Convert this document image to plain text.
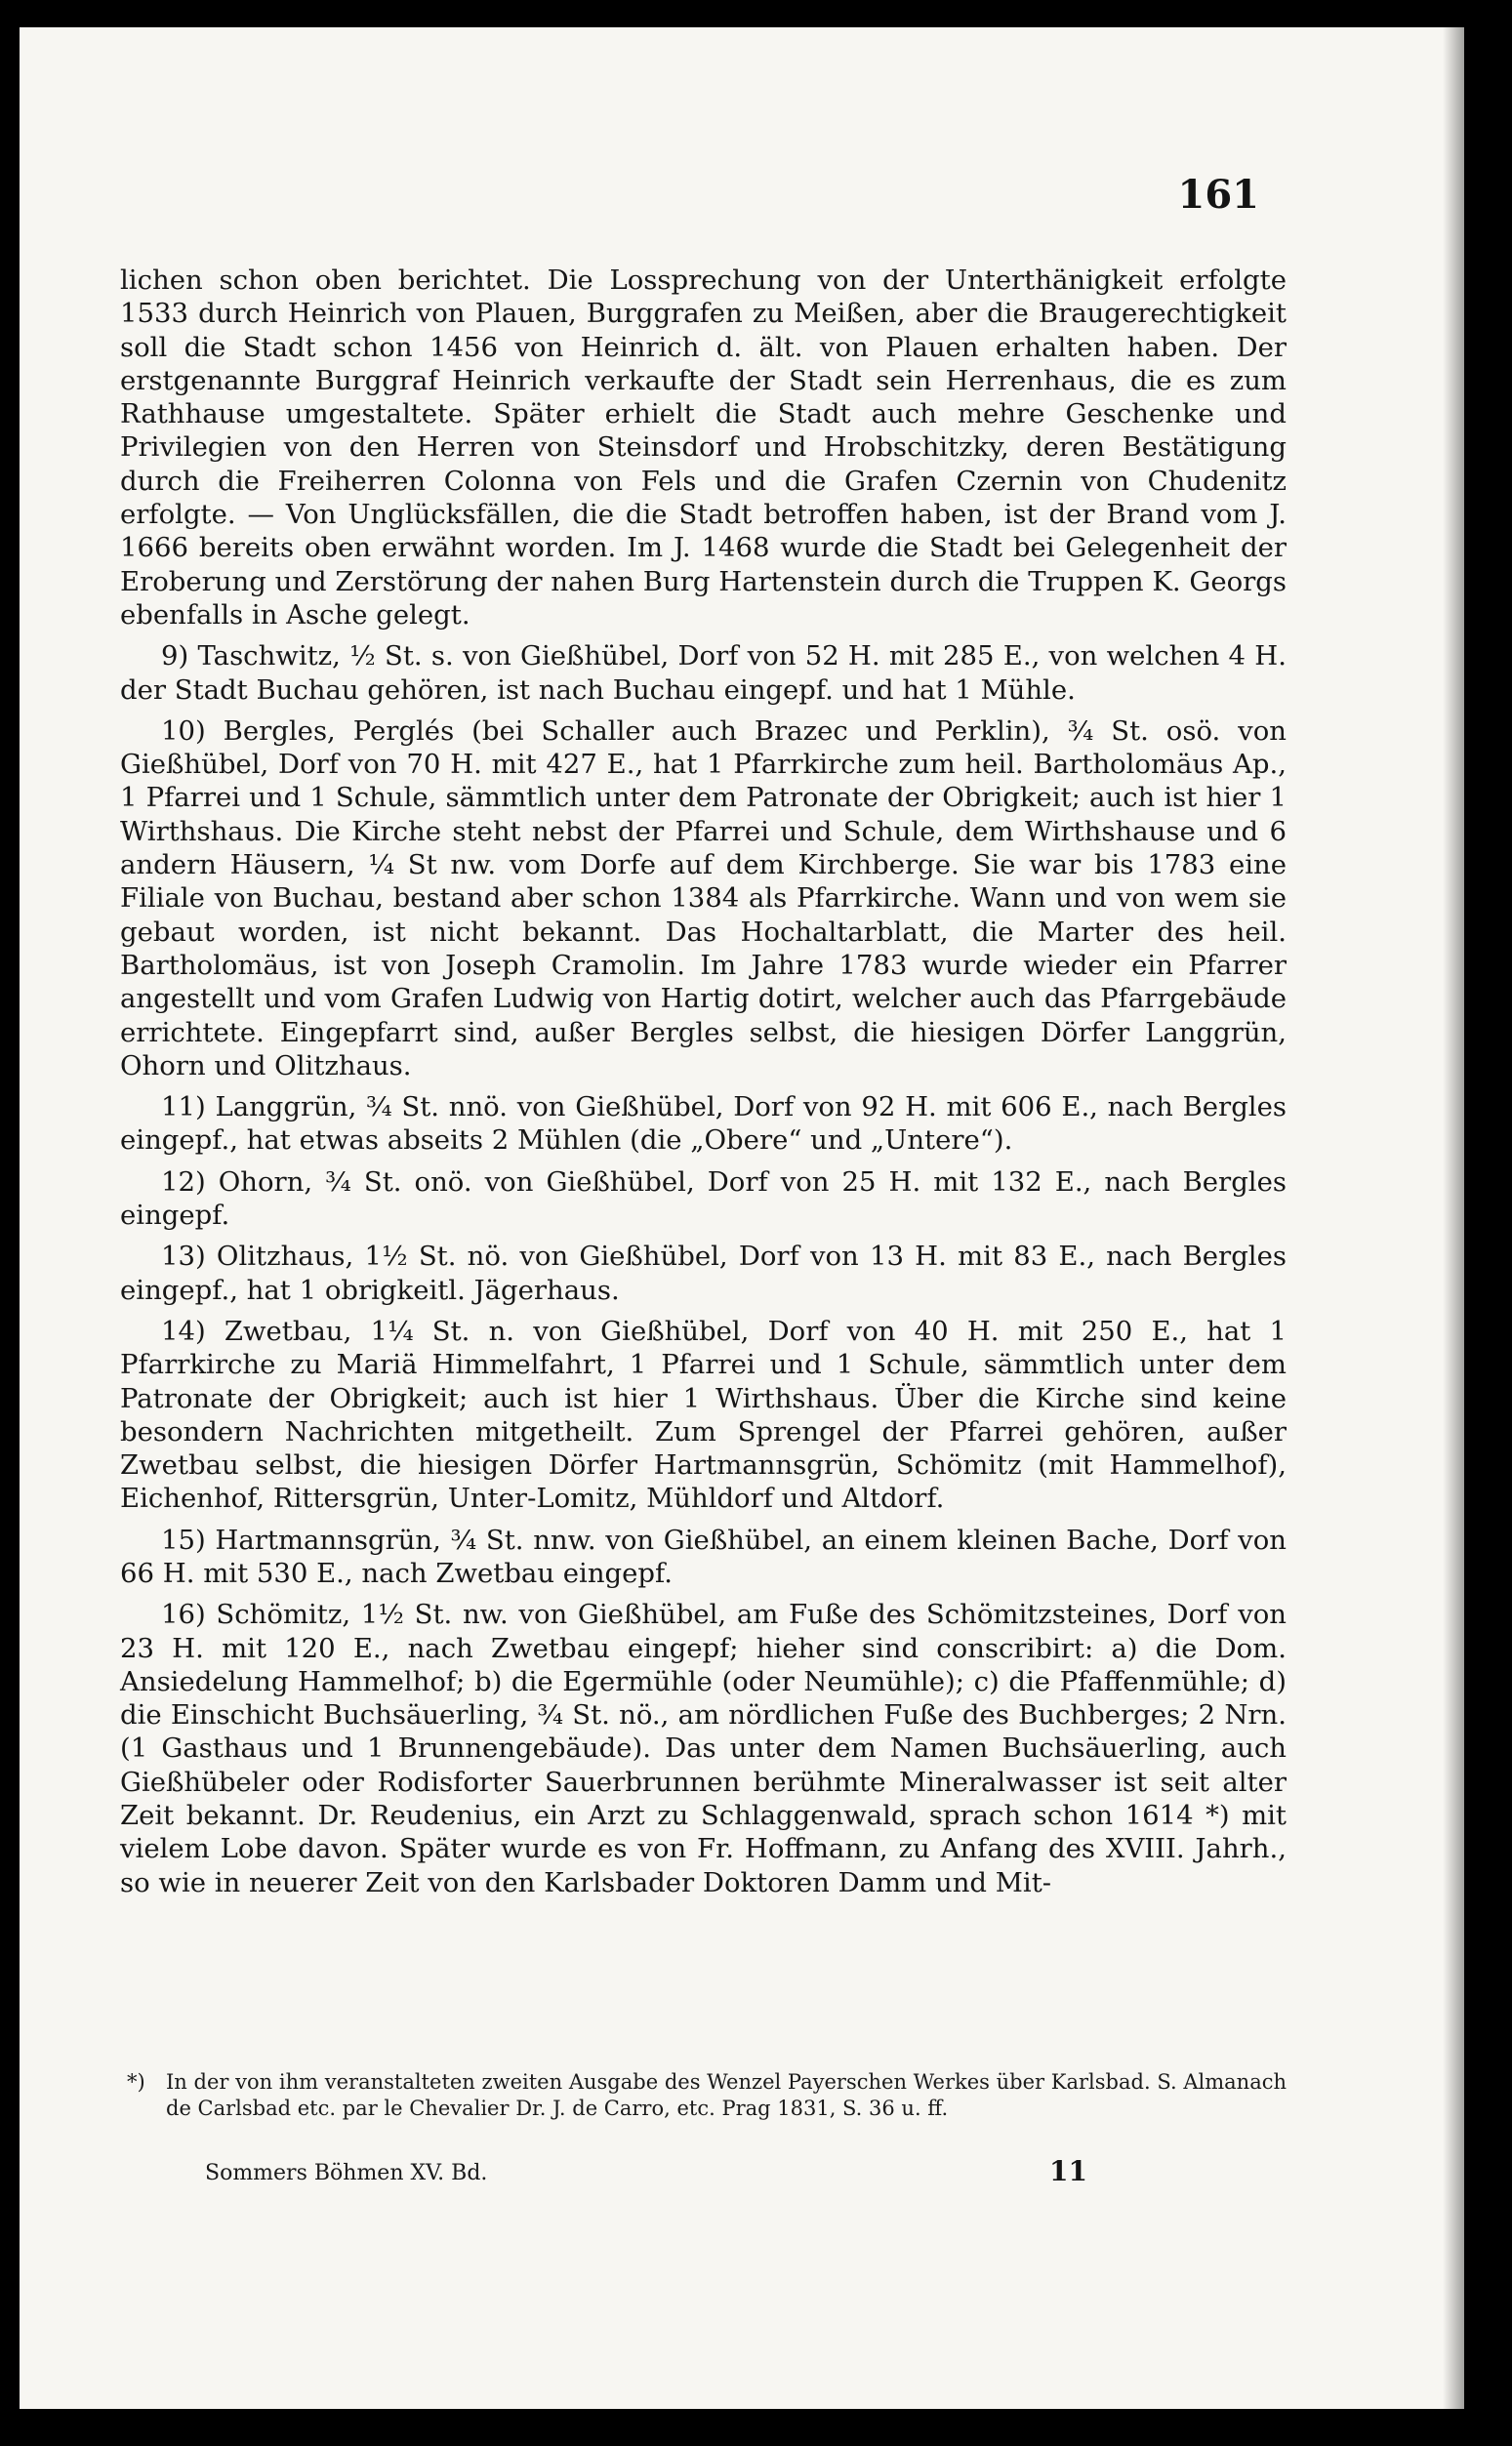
161

lichen schon oben berichtet. Die Lossprechung von der Unterthänigkeit erfolgte 1533 durch Heinrich von Plauen, Burggrafen zu Meißen, aber die Braugerechtigkeit soll die Stadt schon 1456 von Heinrich d. ält. von Plauen erhalten haben. Der erstgenannte Burggraf Heinrich verkaufte der Stadt sein Herrenhaus, die es zum Rathhause umgestaltete. Später erhielt die Stadt auch mehre Geschenke und Privilegien von den Herren von Steinsdorf und Hrobschitzky, deren Bestätigung durch die Freiherren Colonna von Fels und die Grafen Czernin von Chudenitz erfolgte. — Von Unglücksfällen, die die Stadt betroffen haben, ist der Brand vom J. 1666 bereits oben erwähnt worden. Im J. 1468 wurde die Stadt bei Gelegenheit der Eroberung und Zerstörung der nahen Burg Hartenstein durch die Truppen K. Georgs ebenfalls in Asche gelegt.

9) Taschwitz, ½ St. s. von Gießhübel, Dorf von 52 H. mit 285 E., von welchen 4 H. der Stadt Buchau gehören, ist nach Buchau eingepf. und hat 1 Mühle.

10) Bergles, Perglés (bei Schaller auch Brazec und Perklin), ¾ St. osö. von Gießhübel, Dorf von 70 H. mit 427 E., hat 1 Pfarrkirche zum heil. Bartholomäus Ap., 1 Pfarrei und 1 Schule, sämmtlich unter dem Patronate der Obrigkeit; auch ist hier 1 Wirthshaus. Die Kirche steht nebst der Pfarrei und Schule, dem Wirthshause und 6 andern Häusern, ¼ St nw. vom Dorfe auf dem Kirchberge. Sie war bis 1783 eine Filiale von Buchau, bestand aber schon 1384 als Pfarrkirche. Wann und von wem sie gebaut worden, ist nicht bekannt. Das Hochaltarblatt, die Marter des heil. Bartholomäus, ist von Joseph Cramolin. Im Jahre 1783 wurde wieder ein Pfarrer angestellt und vom Grafen Ludwig von Hartig dotirt, welcher auch das Pfarrgebäude errichtete. Eingepfarrt sind, außer Bergles selbst, die hiesigen Dörfer Langgrün, Ohorn und Olitzhaus.

11) Langgrün, ¾ St. nnö. von Gießhübel, Dorf von 92 H. mit 606 E., nach Bergles eingepf., hat etwas abseits 2 Mühlen (die „Obere“ und „Untere“).

12) Ohorn, ¾ St. onö. von Gießhübel, Dorf von 25 H. mit 132 E., nach Bergles eingepf.

13) Olitzhaus, 1½ St. nö. von Gießhübel, Dorf von 13 H. mit 83 E., nach Bergles eingepf., hat 1 obrigkeitl. Jägerhaus.

14) Zwetbau, 1¼ St. n. von Gießhübel, Dorf von 40 H. mit 250 E., hat 1 Pfarrkirche zu Mariä Himmelfahrt, 1 Pfarrei und 1 Schule, sämmtlich unter dem Patronate der Obrigkeit; auch ist hier 1 Wirthshaus. Über die Kirche sind keine besondern Nachrichten mitgetheilt. Zum Sprengel der Pfarrei gehören, außer Zwetbau selbst, die hiesigen Dörfer Hartmannsgrün, Schömitz (mit Hammelhof), Eichenhof, Rittersgrün, Unter-Lomitz, Mühldorf und Altdorf.

15) Hartmannsgrün, ¾ St. nnw. von Gießhübel, an einem kleinen Bache, Dorf von 66 H. mit 530 E., nach Zwetbau eingepf.

16) Schömitz, 1½ St. nw. von Gießhübel, am Fuße des Schömitzsteines, Dorf von 23 H. mit 120 E., nach Zwetbau eingepf; hieher sind conscribirt: a) die Dom. Ansiedelung Hammelhof; b) die Egermühle (oder Neumühle); c) die Pfaffenmühle; d) die Einschicht Buchsäuerling, ¾ St. nö., am nördlichen Fuße des Buchberges; 2 Nrn. (1 Gasthaus und 1 Brunnengebäude). Das unter dem Namen Buchsäuerling, auch Gießhübeler oder Rodisforter Sauerbrunnen berühmte Mineralwasser ist seit alter Zeit bekannt. Dr. Reudenius, ein Arzt zu Schlaggenwald, sprach schon 1614 *) mit vielem Lobe davon. Später wurde es von Fr. Hoffmann, zu Anfang des XVIII. Jahrh., so wie in neuerer Zeit von den Karlsbader Doktoren Damm und Mit-

*) In der von ihm veranstalteten zweiten Ausgabe des Wenzel Payerschen Werkes über Karlsbad. S. Almanach de Carlsbad etc. par le Chevalier Dr. J. de Carro, etc. Prag 1831, S. 36 u. ff.
Sommers Böhmen XV. Bd.	11
